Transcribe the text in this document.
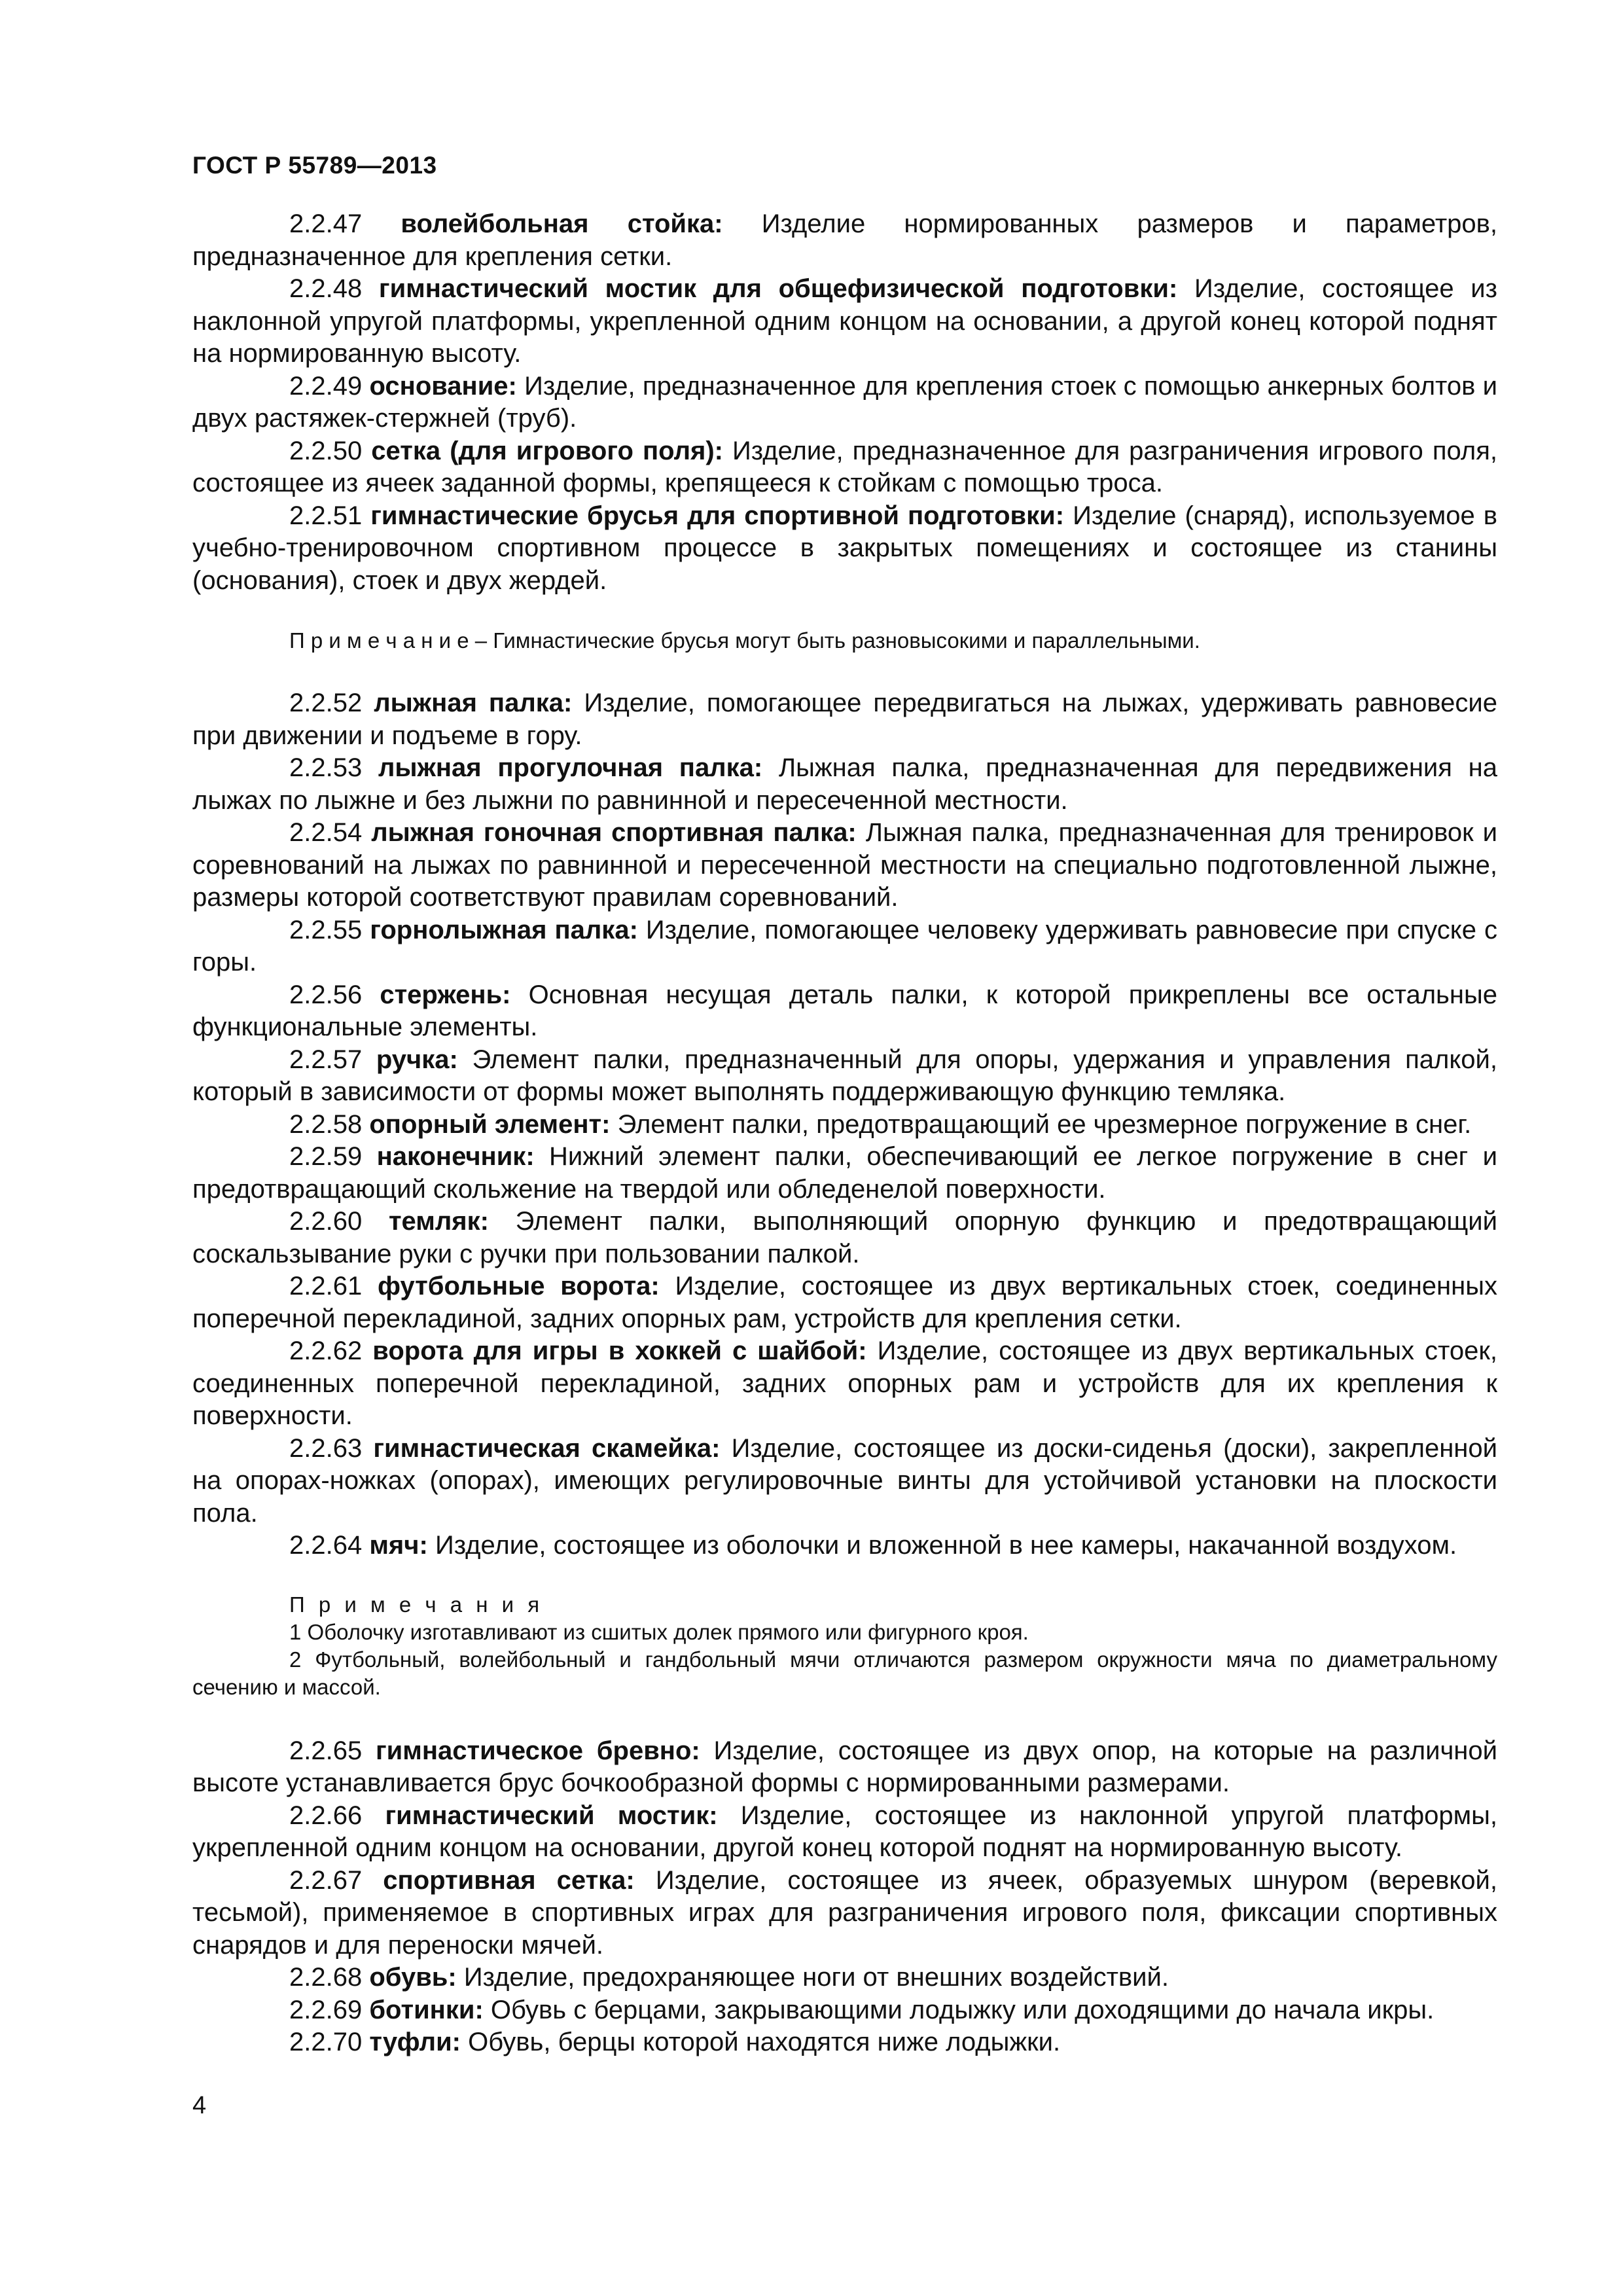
ГОСТ Р 55789—2013

2.2.47 волейбольная стойка: Изделие нормированных размеров и параметров, предназначенное для крепления сетки.

2.2.48 гимнастический мостик для общефизической подготовки: Изделие, состоящее из наклонной упругой платформы, укрепленной одним концом на основании, а другой конец которой поднят на нормированную высоту.

2.2.49 основание: Изделие, предназначенное для крепления стоек с помощью анкерных болтов и двух растяжек-стержней (труб).

2.2.50 сетка (для игрового поля): Изделие, предназначенное для разграничения игрового поля, состоящее из ячеек заданной формы, крепящееся к стойкам с помощью троса.

2.2.51 гимнастические брусья для спортивной подготовки: Изделие (снаряд), используемое в учебно-тренировочном спортивном процессе в закрытых помещениях и состоящее из станины (основания), стоек и двух жердей.

П р и м е ч а н и е – Гимнастические брусья могут быть разновысокими и параллельными.

2.2.52 лыжная палка: Изделие, помогающее передвигаться на лыжах, удерживать равновесие при движении и подъеме в гору.

2.2.53 лыжная прогулочная палка: Лыжная палка, предназначенная для передвижения на лыжах по лыжне и без лыжни по равнинной и пересеченной местности.

2.2.54 лыжная гоночная спортивная палка: Лыжная палка, предназначенная для тренировок и соревнований на лыжах по равнинной и пересеченной местности на специально подготовленной лыжне, размеры которой соответствуют правилам соревнований.

2.2.55 горнолыжная палка: Изделие, помогающее человеку удерживать равновесие при спуске с горы.

2.2.56 стержень: Основная несущая деталь палки, к которой прикреплены все остальные функциональные элементы.

2.2.57 ручка: Элемент палки, предназначенный для опоры, удержания и управления палкой, который в зависимости от формы может выполнять поддерживающую функцию темляка.

2.2.58 опорный элемент: Элемент палки, предотвращающий ее чрезмерное погружение в снег.

2.2.59 наконечник: Нижний элемент палки, обеспечивающий ее легкое погружение в снег и предотвращающий скольжение на твердой или обледенелой поверхности.

2.2.60 темляк: Элемент палки, выполняющий опорную функцию и предотвращающий соскальзывание руки с ручки при пользовании палкой.

2.2.61 футбольные ворота: Изделие, состоящее из двух вертикальных стоек, соединенных поперечной перекладиной, задних опорных рам, устройств для крепления сетки.

2.2.62 ворота для игры в хоккей с шайбой: Изделие, состоящее из двух вертикальных стоек, соединенных поперечной перекладиной, задних опорных рам и устройств для их крепления к поверхности.

2.2.63 гимнастическая скамейка: Изделие, состоящее из доски-сиденья (доски), закрепленной на опорах-ножках (опорах), имеющих регулировочные винты для устойчивой установки на плоскости пола.

2.2.64 мяч: Изделие, состоящее из оболочки и вложенной в нее камеры, накачанной воздухом.

П р и м е ч а н и я

1 Оболочку изготавливают из сшитых долек прямого или фигурного кроя.

2 Футбольный, волейбольный и гандбольный мячи отличаются размером окружности мяча по диаметральному сечению и массой.

2.2.65 гимнастическое бревно: Изделие, состоящее из двух опор, на которые на различной высоте устанавливается брус бочкообразной формы с нормированными размерами.

2.2.66 гимнастический мостик: Изделие, состоящее из наклонной упругой платформы, укрепленной одним концом на основании, другой конец которой поднят на нормированную высоту.

2.2.67 спортивная сетка: Изделие, состоящее из ячеек, образуемых шнуром (веревкой, тесьмой), применяемое в спортивных играх для разграничения игрового поля, фиксации спортивных снарядов и для переноски мячей.

2.2.68 обувь: Изделие, предохраняющее ноги от внешних воздействий.

2.2.69 ботинки: Обувь с берцами, закрывающими лодыжку или доходящими до начала икры.

2.2.70 туфли: Обувь, берцы которой находятся ниже лодыжки.

4
